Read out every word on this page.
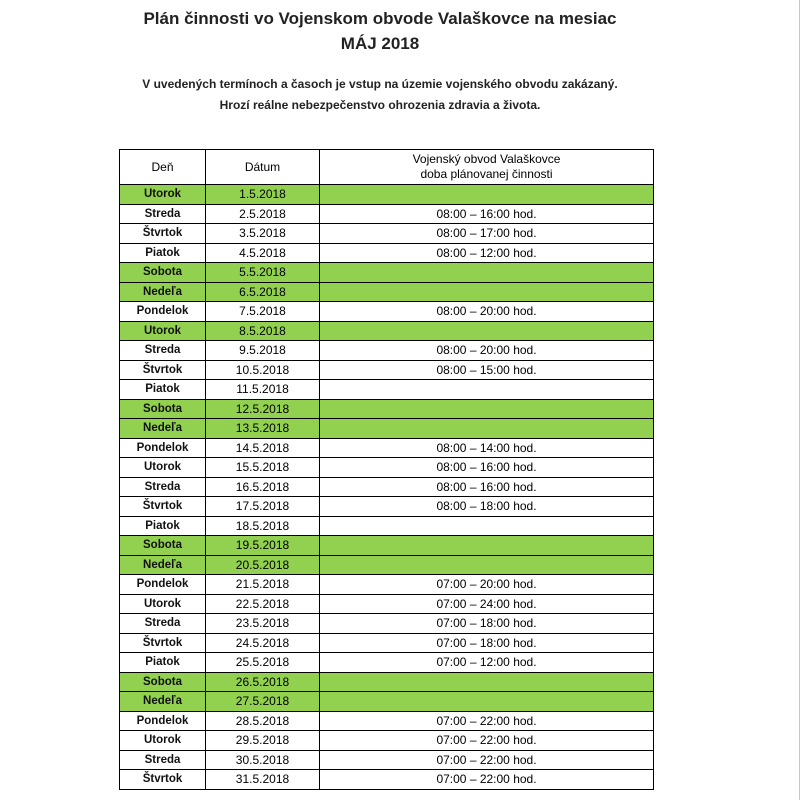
Plán činnosti vo Vojenskom obvode Valaškovce na mesiac
MÁJ 2018
V uvedených termínoch a časoch je vstup na územie vojenského obvodu zakázaný.
Hrozí reálne nebezpečenstvo ohrozenia zdravia a života.
Deň	Dátum	Vojenský obvod Valaškovce
doba plánovanej činnosti

Utorok	1.5.2018	
Streda	2.5.2018	08:00 – 16:00 hod.
Štvrtok	3.5.2018	08:00 – 17:00 hod.
Piatok	4.5.2018	08:00 – 12:00 hod.
Sobota	5.5.2018	
Nedeľa	6.5.2018	
Pondelok	7.5.2018	08:00 – 20:00 hod.
Utorok	8.5.2018	
Streda	9.5.2018	08:00 – 20:00 hod.
Štvrtok	10.5.2018	08:00 – 15:00 hod.
Piatok	11.5.2018	
Sobota	12.5.2018	
Nedeľa	13.5.2018	
Pondelok	14.5.2018	08:00 – 14:00 hod.
Utorok	15.5.2018	08:00 – 16:00 hod.
Streda	16.5.2018	08:00 – 16:00 hod.
Štvrtok	17.5.2018	08:00 – 18:00 hod.
Piatok	18.5.2018	
Sobota	19.5.2018	
Nedeľa	20.5.2018	
Pondelok	21.5.2018	07:00 – 20:00 hod.
Utorok	22.5.2018	07:00 – 24:00 hod.
Streda	23.5.2018	07:00 – 18:00 hod.
Štvrtok	24.5.2018	07:00 – 18:00 hod.
Piatok	25.5.2018	07:00 – 12:00 hod.
Sobota	26.5.2018	
Nedeľa	27.5.2018	
Pondelok	28.5.2018	07:00 – 22:00 hod.
Utorok	29.5.2018	07:00 – 22:00 hod.
Streda	30.5.2018	07:00 – 22:00 hod.
Štvrtok	31.5.2018	07:00 – 22:00 hod.
